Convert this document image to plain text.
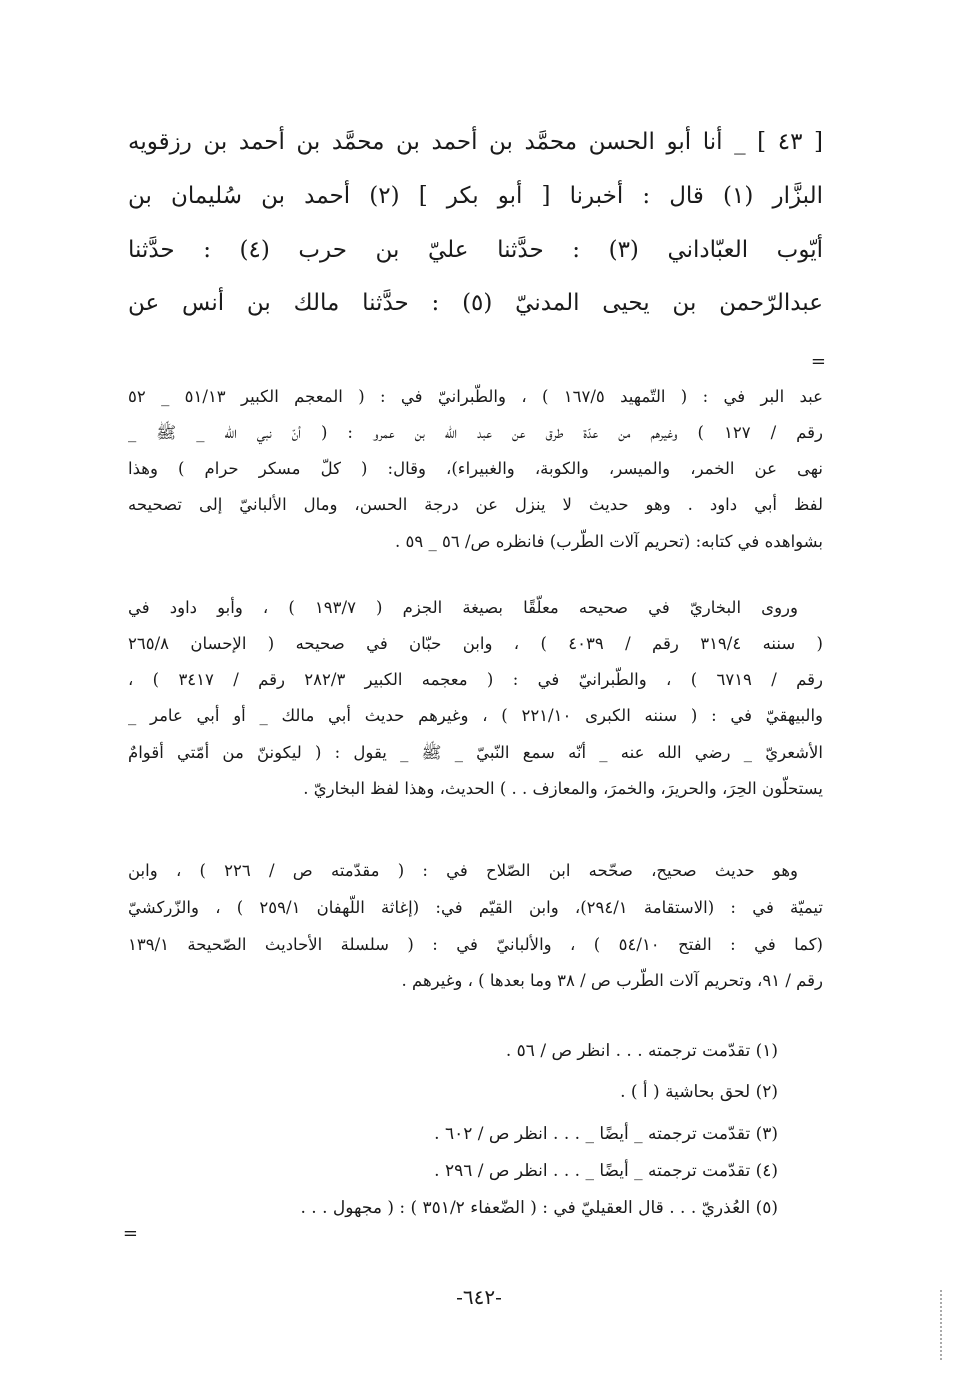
[ ٤٣ ] _ أنا أبو الحسن محمَّد بن أحمد بن محمَّد بن أحمد بن رزقويه
البزَّار (١) قال : أخبرنا [ أبو بكر ] (٢) أحمد بن سُليمان بن
أيّوب العبّاداني (٣) : حدَّثنا عليّ بن حرب (٤) : حدَّثنا
عبدالرّحمن بن يحيى المدنيّ (٥) : حدَّثنا مالك بن أنس عن
=
عبد البر في : ( التّمهيد ١٦٧/٥ ) ، والطّبرانيّ في : ( المعجم الكبير ٥١/١٣ _ ٥٢
رقم / ١٢٧ ) وغيرهم من عدّة طرق عن عبد الله بن عمرو : ( أنّ نبي الله _ ﷺ _
نهى عن الخمر، والميسر، والكوبة، والغبيراء)، وقال: ( كلّ مسكر حرام ) وهذا
لفظ أبي داود . وهو حديث لا ينزل عن درجة الحسن، ومال الألبانيّ إلى تصحيحه
بشواهده في كتابه: (تحريم آلات الطّرب) فانظره ص/ ٥٦ _ ٥٩ .
وروى البخاريّ في صحيحه معلّقًا بصيغة الجزم ( ١٩٣/٧ ) ، وأبو داود في
( سننه ٣١٩/٤ رقم / ٤٠٣٩ ) ، وابن حبّان في صحيحه ( الإحسان ٢٦٥/٨
رقم / ٦٧١٩ ) ، والطّبرانيّ في : ( معجمه الكبير ٢٨٢/٣ رقم / ٣٤١٧ ) ،
والبيهقيّ في : ( سننه الكبرى ٢٢١/١٠ ) ، وغيرهم حديث أبي مالك _ أو أبي عامر _
الأشعريّ _ رضي الله عنه _ أنّه سمع النّبيّ _ ﷺ _ يقول : ( ليكوننّ من أمّتي أقوامٌ
يستحلّون الحِرَ، والحريرَ، والخمرَ، والمعازف . . ) الحديث، وهذا لفظ البخاريّ .
وهو حديث صحيح، صحّحه ابن الصّلاح في : ( مقدّمته ص / ٢٢٦ ) ، وابن
تيميّة في : (الاستقامة ٢٩٤/١)، وابن القيّم في: (إغاثة اللّهفان ٢٥٩/١ ) ، والزّركشيّ
(كما في : الفتح ٥٤/١٠ ) ، والألبانيّ في : ( سلسلة الأحاديث الصّحيحة ١٣٩/١
رقم / ٩١، وتحريم آلات الطّرب ص / ٣٨ وما بعدها ) ، وغيرهم .
(١) تقدّمت ترجمته . . . انظر ص / ٥٦ .
(٢) لحق بحاشية ( أ ) .
(٣) تقدّمت ترجمته _ أيضًا _ . . . انظر ص / ٦٠٢ .
(٤) تقدّمت ترجمته _ أيضًا _ . . . انظر ص / ٢٩٦ .
(٥) العُذريّ . . . قال العقيليّ في : ( الضّعفاء ٣٥١/٢ ) : ( مجهول . . .
=
-٦٤٢-
